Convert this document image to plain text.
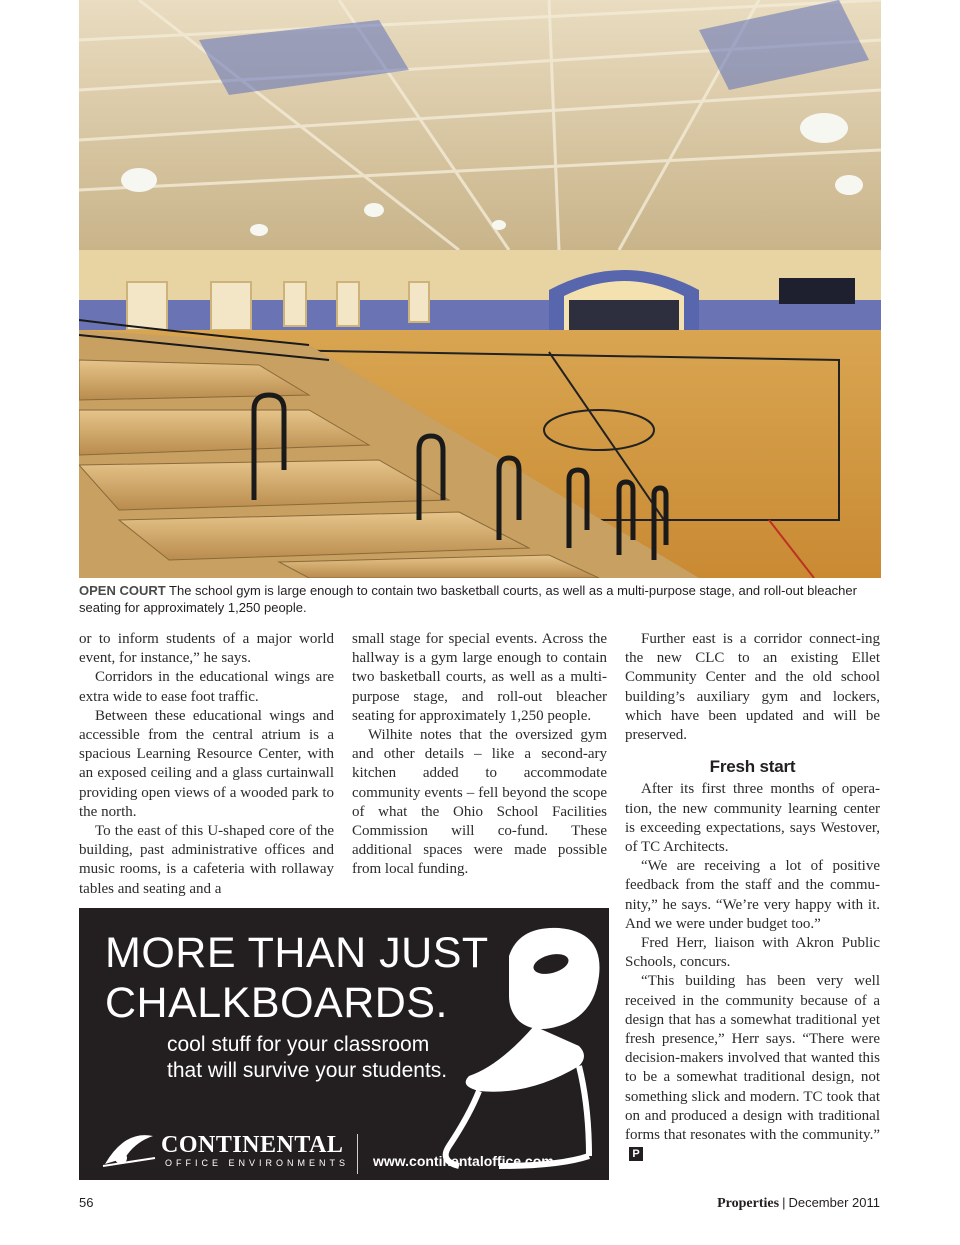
OPEN COURT The school gym is large enough to contain two basketball courts, as well as a multi-purpose stage, and roll-out bleacher seating for approximately 1,250 people.

or to inform students of a major world event, for instance,” he says.

Corridors in the educational wings are extra wide to ease foot traffic.

Between these educational wings and accessible from the central atrium is a spacious Learning Resource Center, with an exposed ceiling and a glass curtainwall providing open views of a wooded park to the north.

To the east of this U-shaped core of the building, past administrative offices and music rooms, is a cafeteria with rollaway tables and seating and a

small stage for special events. Across the hallway is a gym large enough to contain two basketball courts, as well as a multi-purpose stage, and roll-out bleacher seating for approximately 1,250 people.

Wilhite notes that the oversized gym and other details – like a second-ary kitchen added to accommodate community events – fell beyond the scope of what the Ohio School Facilities Commission will co-fund. These additional spaces were made possible from local funding.

Further east is a corridor connect-ing the new CLC to an existing Ellet Community Center and the old school building’s auxiliary gym and lockers, which have been updated and will be preserved.

Fresh start

After its first three months of opera-tion, the new community learning center is exceeding expectations, says Westover, of TC Architects.

“We are receiving a lot of positive feedback from the staff and the commu-nity,” he says. “We’re very happy with it. And we were under budget too.”

Fred Herr, liaison with Akron Public Schools, concurs.

“This building has been very well received in the community because of a design that has a somewhat traditional yet fresh presence,” Herr says. “There were decision-makers involved that wanted this to be a somewhat traditional design, not something slick and modern. TC took that on and produced a design with traditional forms that resonates with the community.”P

MORE THAN JUST
CHALKBOARDS.
cool stuff for your classroom
that will survive your students.
CONTINENTAL
OFFICE ENVIRONMENTS www.continentaloffice.com
56	Properties | December 2011
